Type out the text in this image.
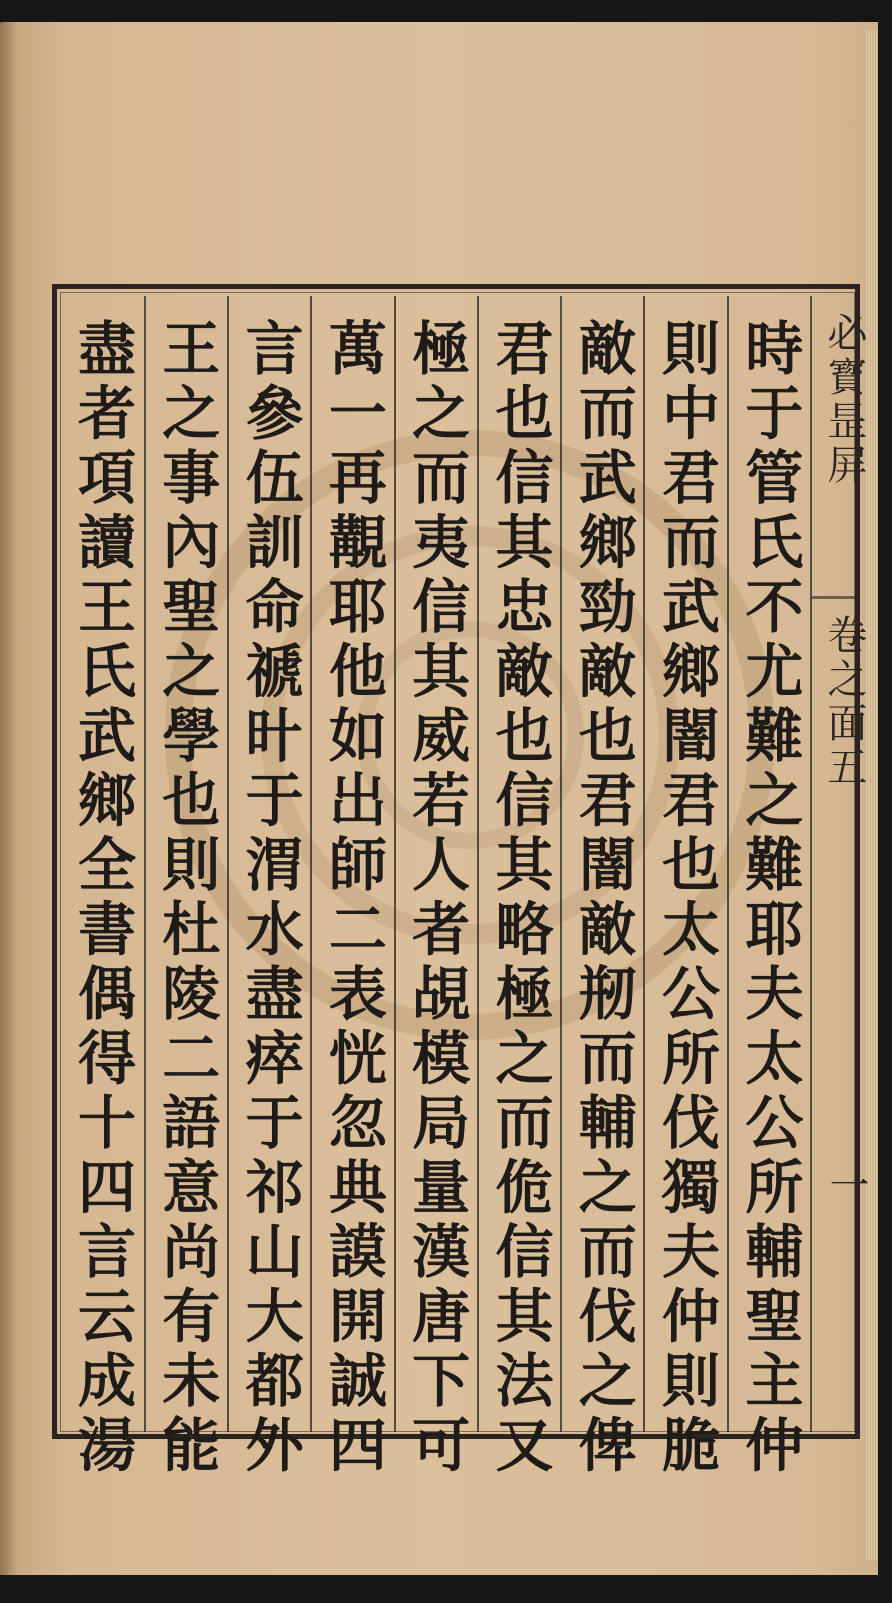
必寳昰屏
卷之面五
一
時于管氏不尤難之難耶夫太公所輔聖主仲
則中君而武鄉闇君也太公所伐獨夫仲則脆
敵而武鄉勁敵也君闇敵剏而輔之而伐之俾
君也信其忠敵也信其略極之而佹信其法又
極之而夷信其威若人者覘模局量漢唐下可
萬一再覯耶他如出師二表恍忽典謨開誠四
言參伍訓命禠旪于渭水盡瘁于祁山大都外
王之事內聖之學也則杜陵二語意尚有未能
盡者項讀王氏武鄉全書偶得十四言云成湯
